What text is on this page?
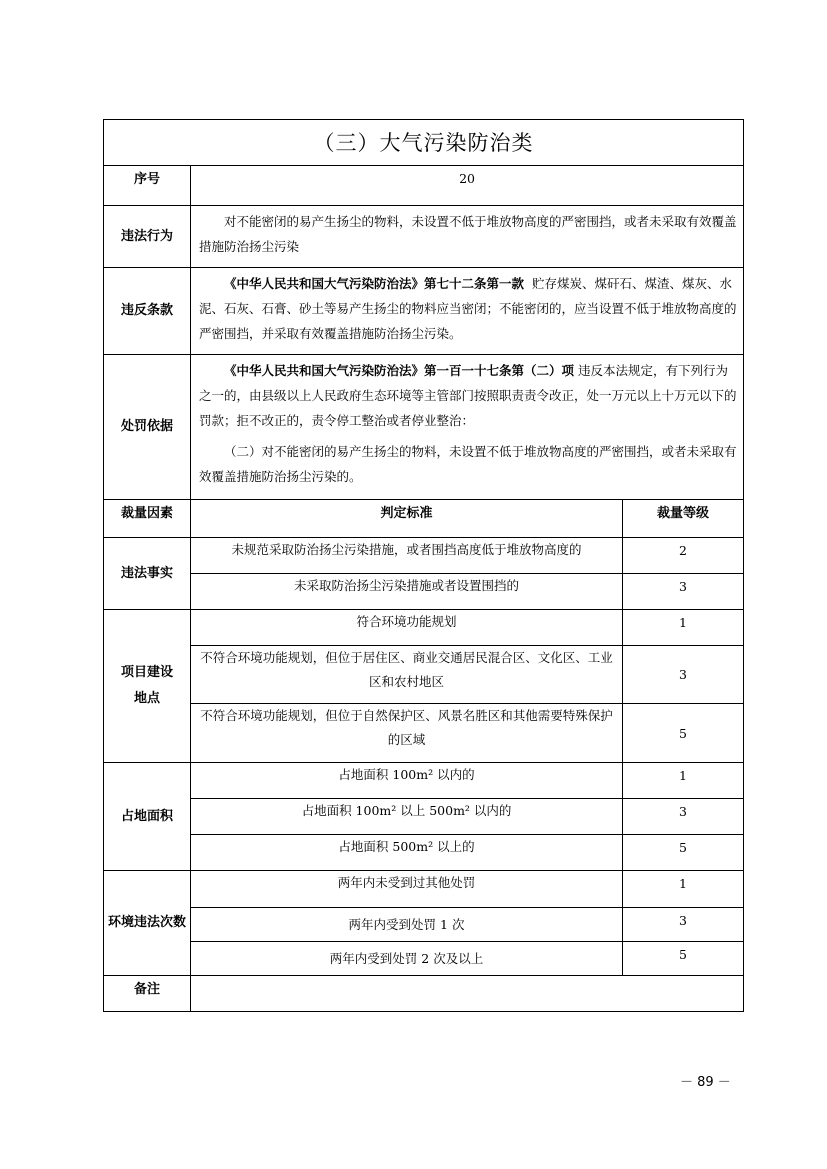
（三）大气污染防治类		
序号	20	
违法行为	对不能密闭的易产生扬尘的物料，未设置不低于堆放物高度的严密围挡，或者未采取有效覆盖措施防治扬尘污染	
违反条款	《中华人民共和国大气污染防治法》第七十二条第一款 贮存煤炭、煤矸石、煤渣、煤灰、水泥、石灰、石膏、砂土等易产生扬尘的物料应当密闭；不能密闭的，应当设置不低于堆放物高度的严密围挡，并采取有效覆盖措施防治扬尘污染。	
处罚依据	《中华人民共和国大气污染防治法》第一百一十七条第（二）项 违反本法规定，有下列行为之一的，由县级以上人民政府生态环境等主管部门按照职责责令改正，处一万元以上十万元以下的罚款；拒不改正的，责令停工整治或者停业整治：

（二）对不能密闭的易产生扬尘的物料，未设置不低于堆放物高度的严密围挡，或者未采取有效覆盖措施防治扬尘污染的。	

裁量因素	判定标准	裁量等级
违法事实	未规范采取防治扬尘污染措施，或者围挡高度低于堆放物高度的	2
	未采取防治扬尘污染措施或者设置围挡的	3
项目建设
地点	符合环境功能规划	1
	不符合环境功能规划，但位于居住区、商业交通居民混合区、文化区、工业区和农村地区	3
	不符合环境功能规划，但位于自然保护区、风景名胜区和其他需要特殊保护的区域	5
占地面积	占地面积 100m² 以内的	1
	占地面积 100m² 以上 500m² 以内的	3
	占地面积 500m² 以上的	5
环境违法次数	两年内未受到过其他处罚	1
	两年内受到处罚 1 次	3
	两年内受到处罚 2 次及以上	5
备注		
－ 89 －
